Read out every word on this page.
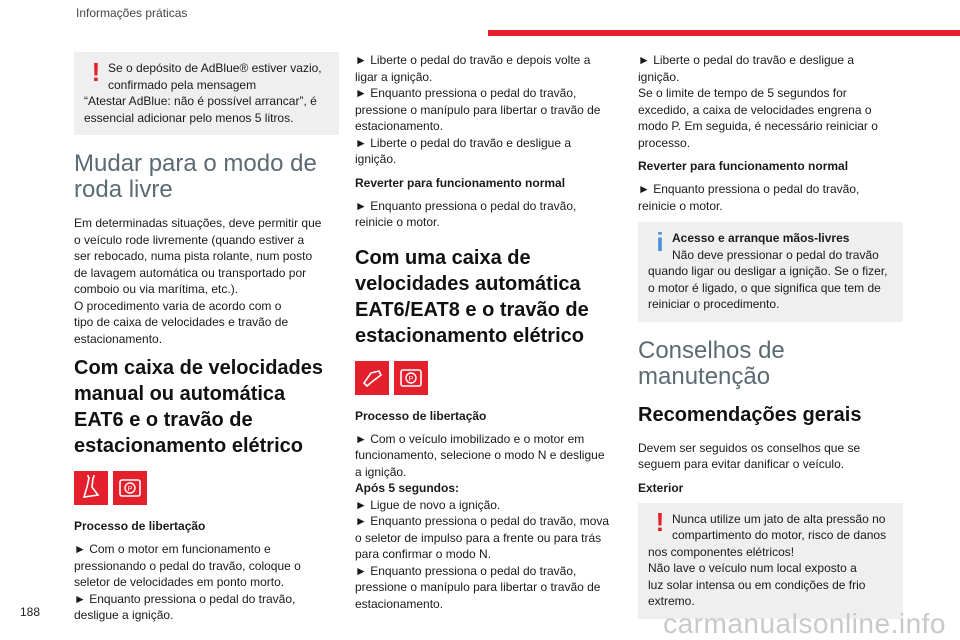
Informações práticas
! Se o depósito de AdBlue® estiver vazio,
confirmado pela mensagem
“Atestar AdBlue: não é possível arrancar”, é
essencial adicionar pelo menos 5 litros.
Mudar para o modo de roda livre

Em determinadas situações, deve permitir que
o veículo rode livremente (quando estiver a
ser rebocado, numa pista rolante, num posto
de lavagem automática ou transportado por
comboio ou via marítima, etc.).
O procedimento varia de acordo com o
tipo de caixa de velocidades e travão de
estacionamento.

Com caixa de velocidades manual ou automática EAT6 e o travão de estacionamento elétrico
P
Processo de libertação

► Com o motor em funcionamento e
pressionando o pedal do travão, coloque o
seletor de velocidades em ponto morto.
► Enquanto pressiona o pedal do travão,
desligue a ignição.

► Liberte o pedal do travão e depois volte a
ligar a ignição.
► Enquanto pressiona o pedal do travão,
pressione o manípulo para libertar o travão de
estacionamento.
► Liberte o pedal do travão e desligue a
ignição.

Reverter para funcionamento normal

► Enquanto pressiona o pedal do travão,
reinicie o motor.

Com uma caixa de velocidades automática EAT6/EAT8 e o travão de estacionamento elétrico
P
Processo de libertação

► Com o veículo imobilizado e o motor em
funcionamento, selecione o modo N e desligue
a ignição.

Após 5 segundos:
► Ligue de novo a ignição.
► Enquanto pressiona o pedal do travão, mova
o seletor de impulso para a frente ou para trás
para confirmar o modo N.
► Enquanto pressiona o pedal do travão,
pressione o manípulo para libertar o travão de
estacionamento.

► Liberte o pedal do travão e desligue a
ignição.
Se o limite de tempo de 5 segundos for
excedido, a caixa de velocidades engrena o
modo P. Em seguida, é necessário reiniciar o
processo.

Reverter para funcionamento normal

► Enquanto pressiona o pedal do travão,
reinicie o motor.

i Acesso e arranque mãos-livres
Não deve pressionar o pedal do travão
quando ligar ou desligar a ignição. Se o fizer,
o motor é ligado, o que significa que tem de
reiniciar o procedimento.
Conselhos de manutenção
Recomendações gerais

Devem ser seguidos os conselhos que se
seguem para evitar danificar o veículo.

Exterior
! Nunca utilize um jato de alta pressão no
compartimento do motor, risco de danos
nos componentes elétricos!
Não lave o veículo num local exposto a
luz solar intensa ou em condições de frio
extremo.
188	carmanualsonline.info
